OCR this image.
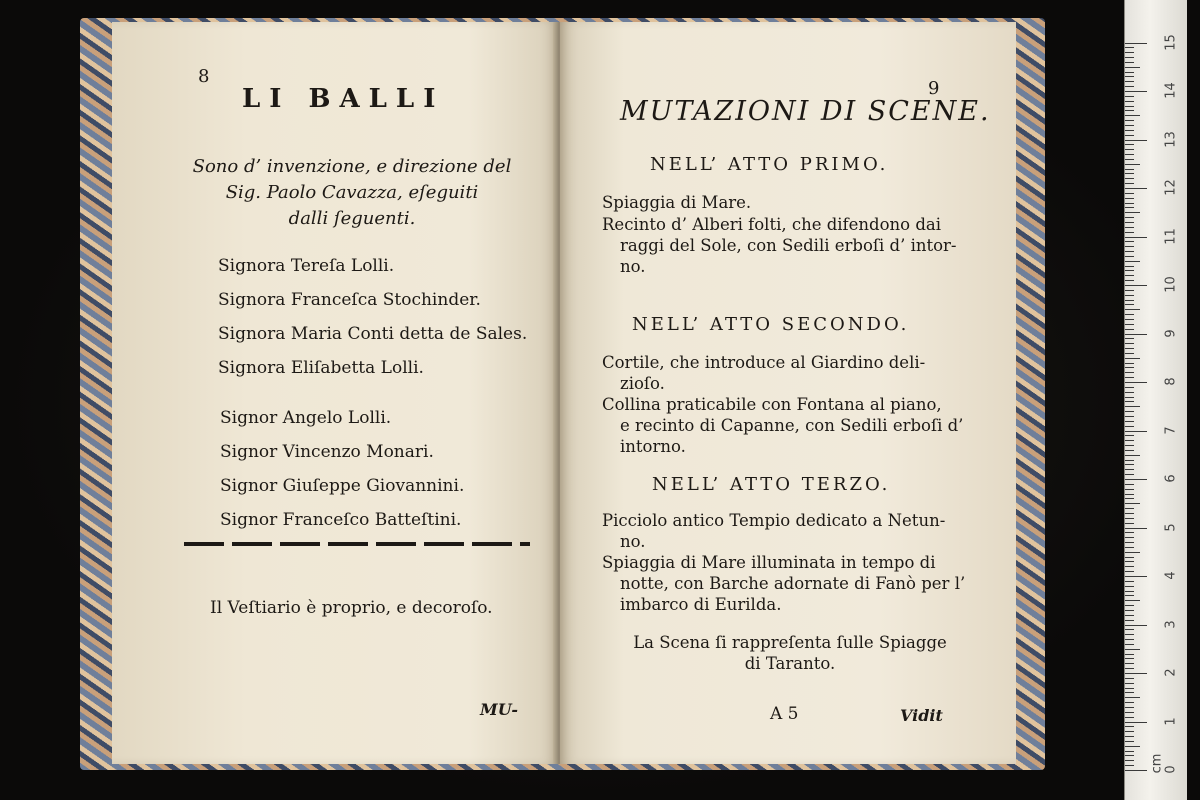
8
LI BALLI
Sono d’ invenzione, e direzione del
Sig. Paolo Cavazza, eſeguiti
dalli ſeguenti.
Signora Tereſa Lolli.
Signora Franceſca Stochinder.
Signora Maria Conti detta de Sales.
Signora Eliſabetta Lolli.
Signor Angelo Lolli.
Signor Vincenzo Monari.
Signor Giuſeppe Giovannini.
Signor Franceſco Batteſtini.
Il Veſtiario è proprio, e decoroſo.
MU-
9
MUTAZIONI DI SCENE.
NELL’ ATTO PRIMO.
Spiaggia di Mare.
Recinto d’ Alberi folti, che difendono dai
raggi del Sole, con Sedili erboſi d’ intor- no.
NELL’ ATTO SECONDO.
Cortile, che introduce al Giardino deli-
zioſo.
Collina praticabile con Fontana al piano,
e recinto di Capanne, con Sedili erboſi d’ intorno.
NELL’ ATTO TERZO.
Picciolo antico Tempio dedicato a Netun-
no.
Spiaggia di Mare illuminata in tempo di
notte, con Barche adornate di Fanò per l’ imbarco di Eurilda.
La Scena ſi rappreſenta ſulle Spiagge
di Taranto.
A 5	Vidit
cm 0
1
2
3
4
5
6
7
8
9
10
11
12
13
14
15
